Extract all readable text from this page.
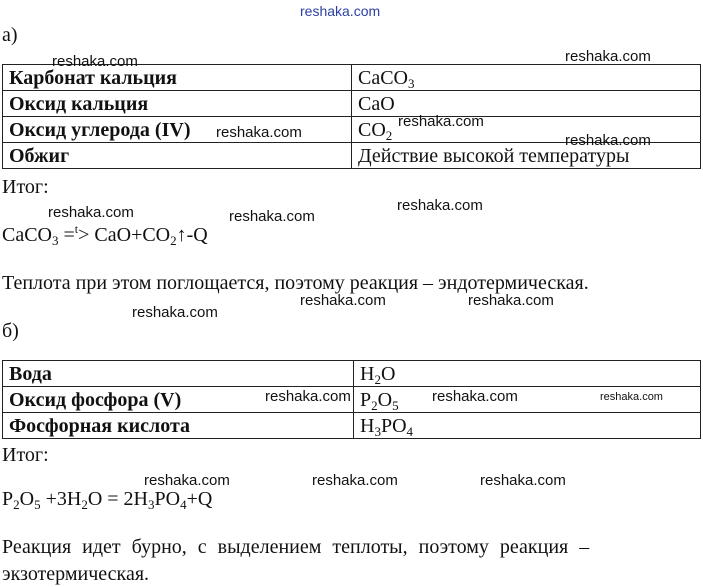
reshaka.com
а)
Карбонат кальция	CaCO$_3$
Оксид кальция	CaO
Оксид углерода (IV)	$CO_2$
Обжиг	Действие высокой температуры
Итог:
CaCO$_3$ $=^t> CaO+CO_2↑-Q$
Теплота при этом поглощается, поэтому реакция – эндотермическая.
б)
Вода	$H_2O$
Оксид фосфора (V)	$P_2O_5$
Фосфорная кислота	$H_3PO_4$
Итог:
$P_2O_5 +3H_2O = 2H_3PO_4+Q$
Реакция идет бурно, с выделением теплоты, поэтому реакция –
экзотермическая.
reshaka.com	reshaka.com
reshaka.com
reshaka.com
reshaka.com
reshaka.com	reshaka.com
reshaka.com
reshaka.com	reshaka.com
reshaka.com
reshaka.com	reshaka.com	reshaka.com
reshaka.com	reshaka.com	reshaka.com
